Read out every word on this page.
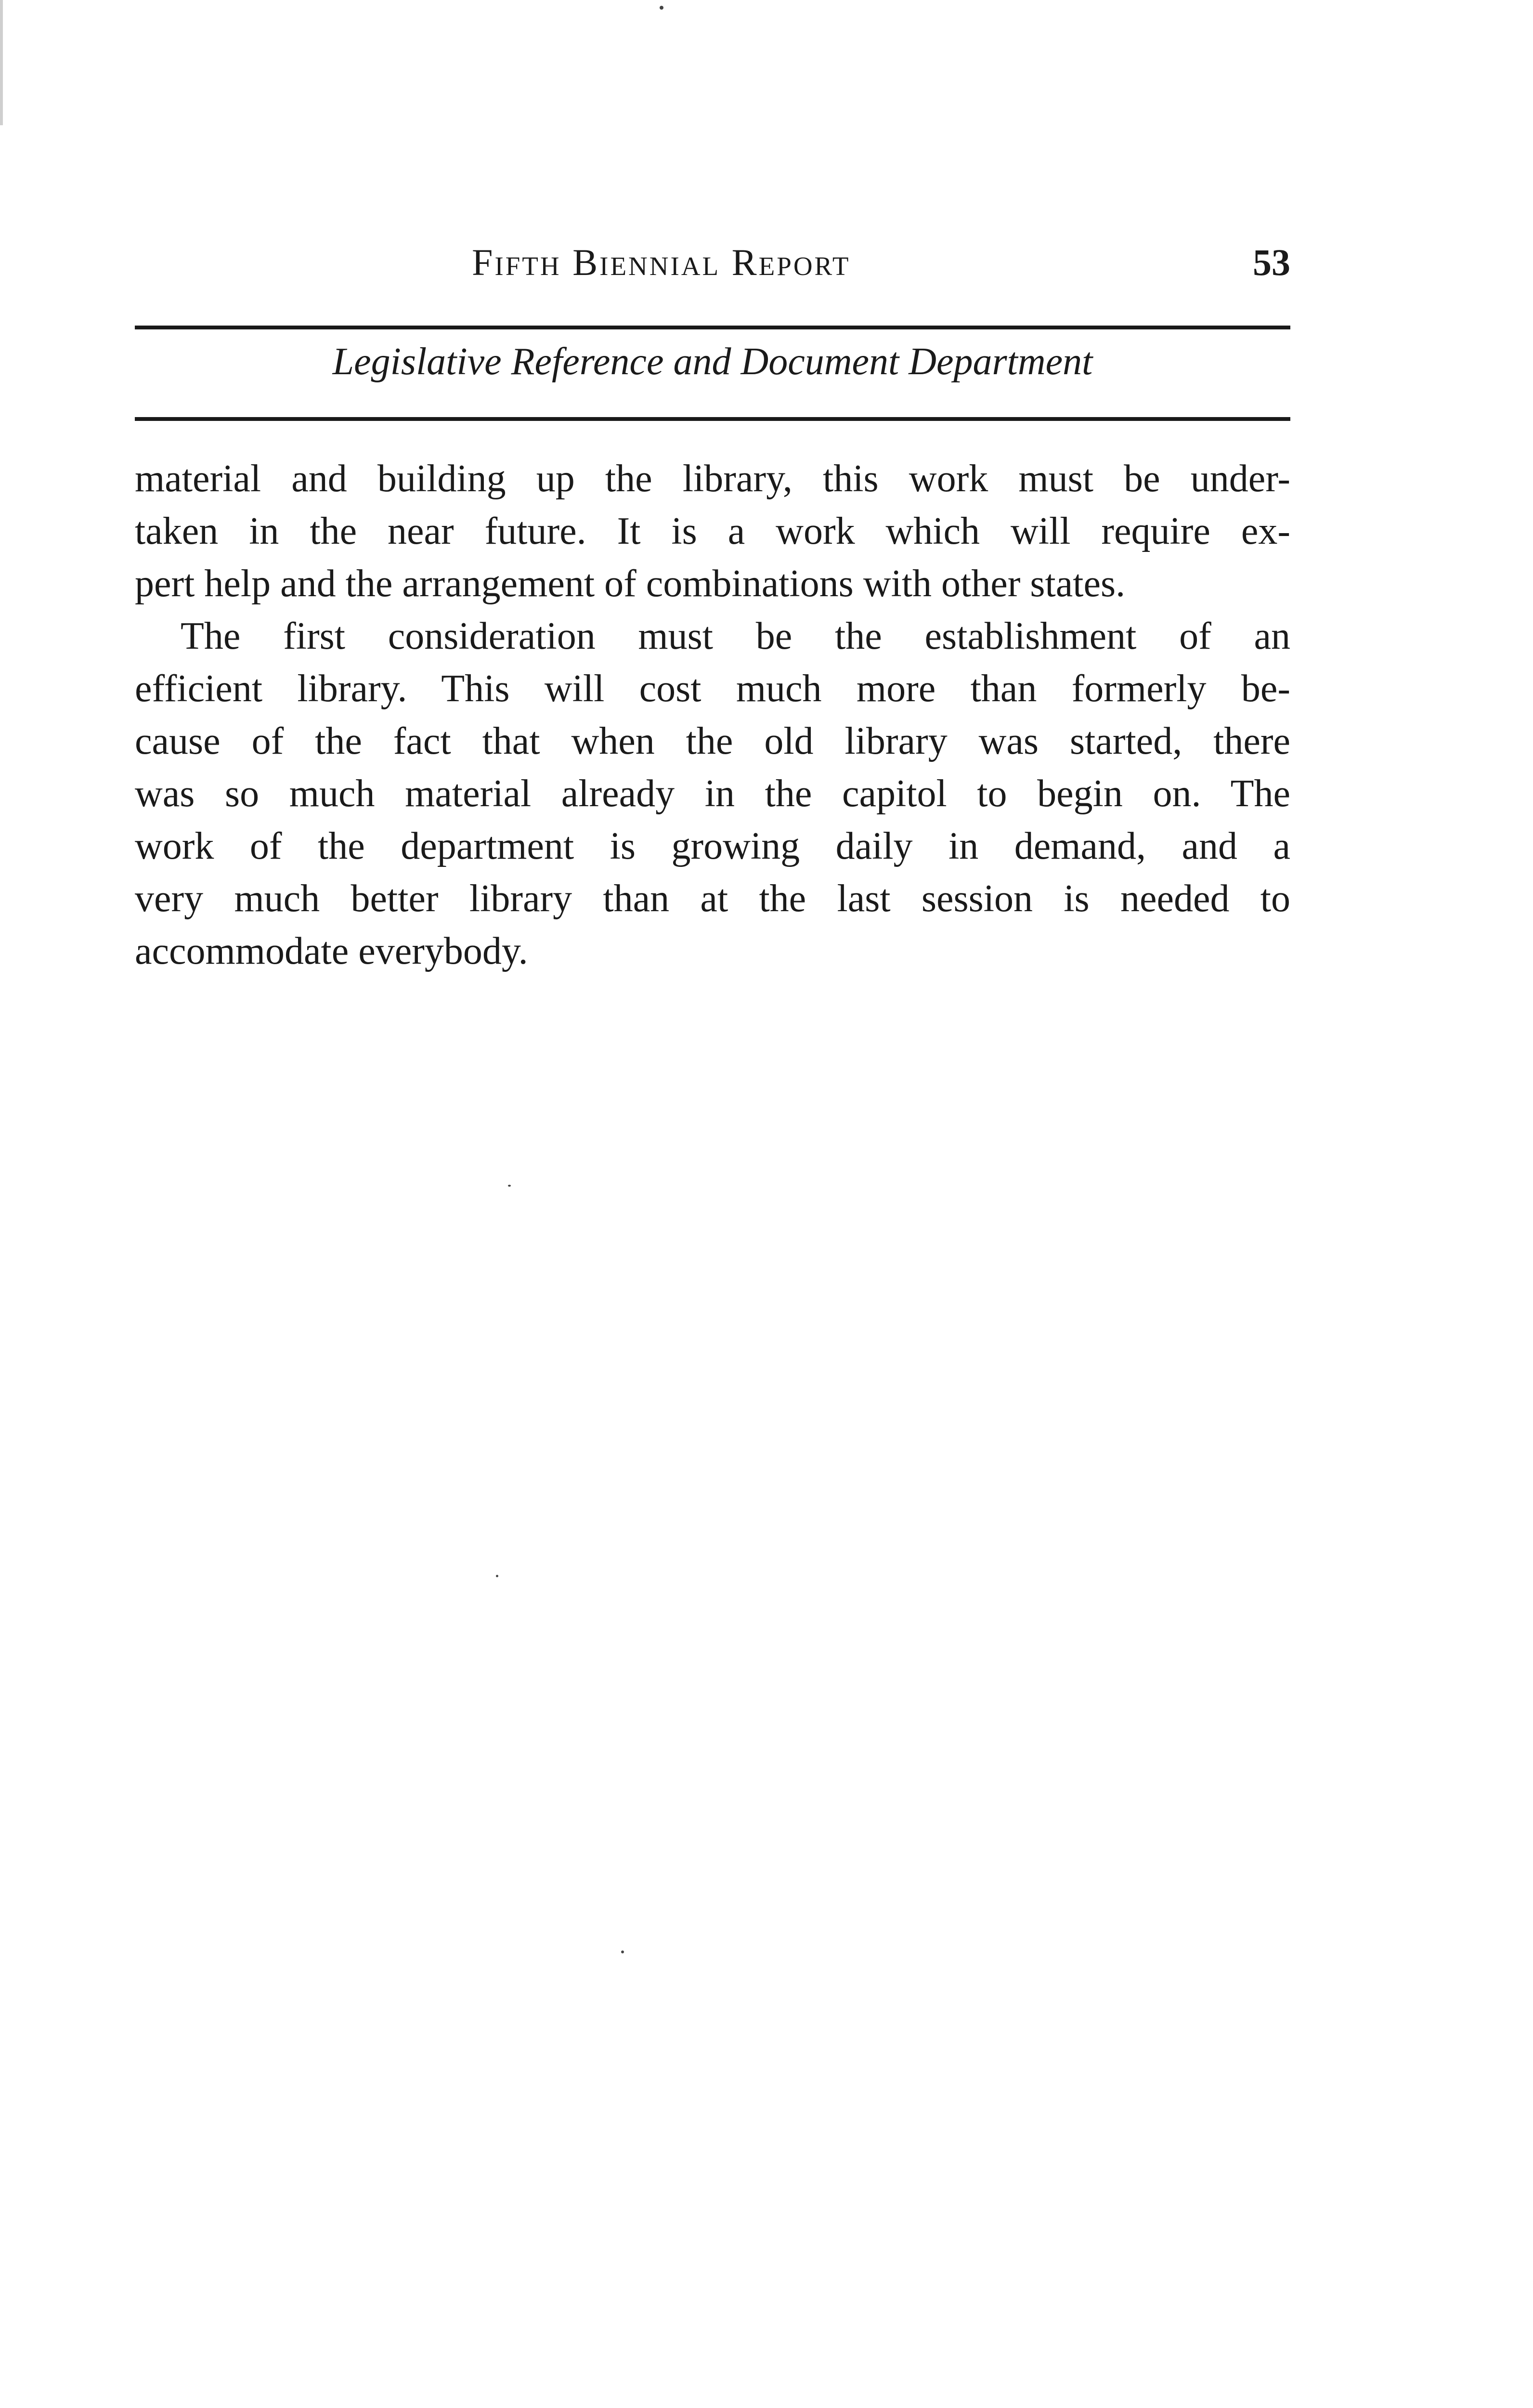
Fifth Biennial Report	53
Legislative Reference and Document Department
material and building up the library, this work must be under-
taken in the near future. It is a work which will require ex-
pert help and the arrangement of combinations with other states.
The first consideration must be the establishment of an
efficient library. This will cost much more than formerly be-
cause of the fact that when the old library was started, there
was so much material already in the capitol to begin on. The
work of the department is growing daily in demand, and a
very much better library than at the last session is needed to
accommodate everybody.
